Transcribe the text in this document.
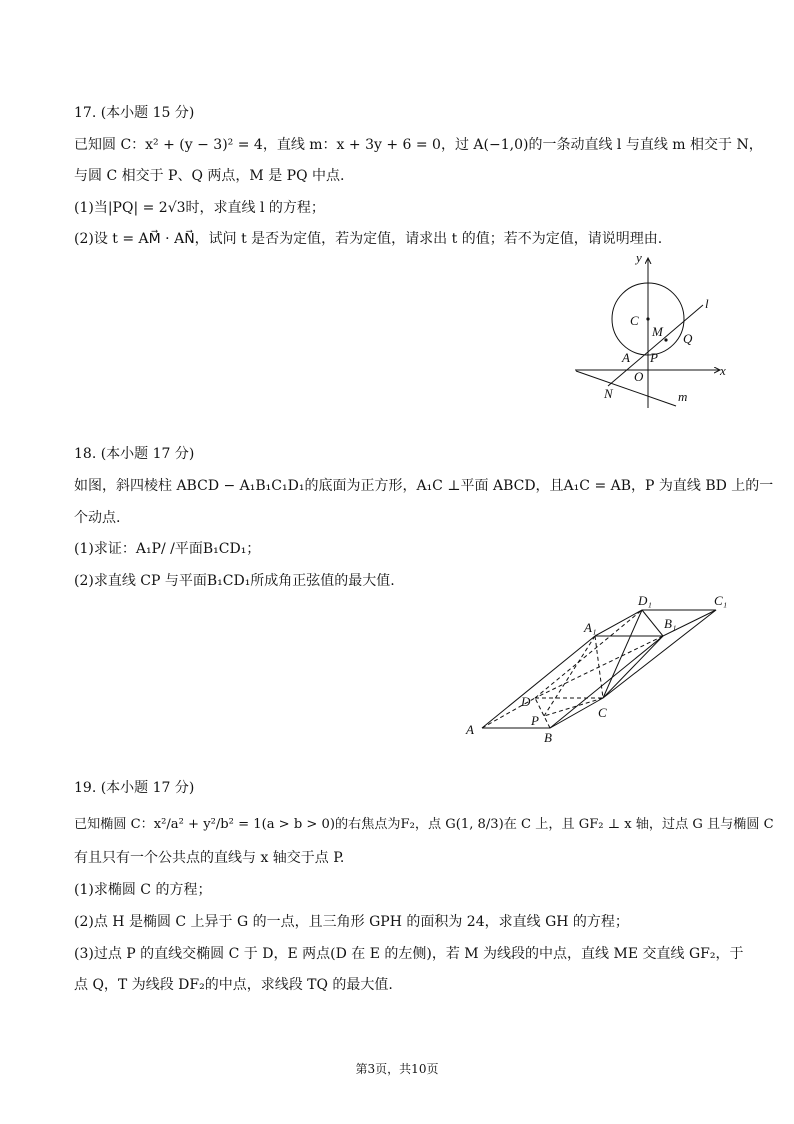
17. (本小题 15 分)
已知圆 C：x² + (y − 3)² = 4，直线 m：x + 3y + 6 = 0，过 A(−1,0)的一条动直线 l 与直线 m 相交于 N，
与圆 C 相交于 P、Q 两点，M 是 PQ 中点.
(1)当|PQ| = 2√3时，求直线 l 的方程；
(2)设 t = AM⃗ · AN⃗，试问 t 是否为定值，若为定值，请求出 t 的值；若不为定值，请说明理由.
y
x
C
M Q
l
A P
O
N	m
18. (本小题 17 分)
如图，斜四棱柱 ABCD − A₁B₁C₁D₁的底面为正方形，A₁C ⊥平面 ABCD，且A₁C = AB，P 为直线 BD 上的一
个动点.
(1)求证：A₁P/ /平面B₁CD₁；
(2)求直线 CP 与平面B₁CD₁所成角正弦值的最大值.
D₁	C₁
A₁	B₁
D
C
P
A
B
19. (本小题 17 分)
已知椭圆 C：x²/a² + y²/b² = 1(a > b > 0)的右焦点为F₂，点 G(1, 8/3)在 C 上，且 GF₂ ⊥ x 轴，过点 G 且与椭圆 C
有且只有一个公共点的直线与 x 轴交于点 P.
(1)求椭圆 C 的方程；
(2)点 H 是椭圆 C 上异于 G 的一点，且三角形 GPH 的面积为 24，求直线 GH 的方程；
(3)过点 P 的直线交椭圆 C 于 D，E 两点(D 在 E 的左侧)，若 M 为线段的中点，直线 ME 交直线 GF₂，于
点 Q，T 为线段 DF₂的中点，求线段 TQ 的最大值.
第3页，共10页
